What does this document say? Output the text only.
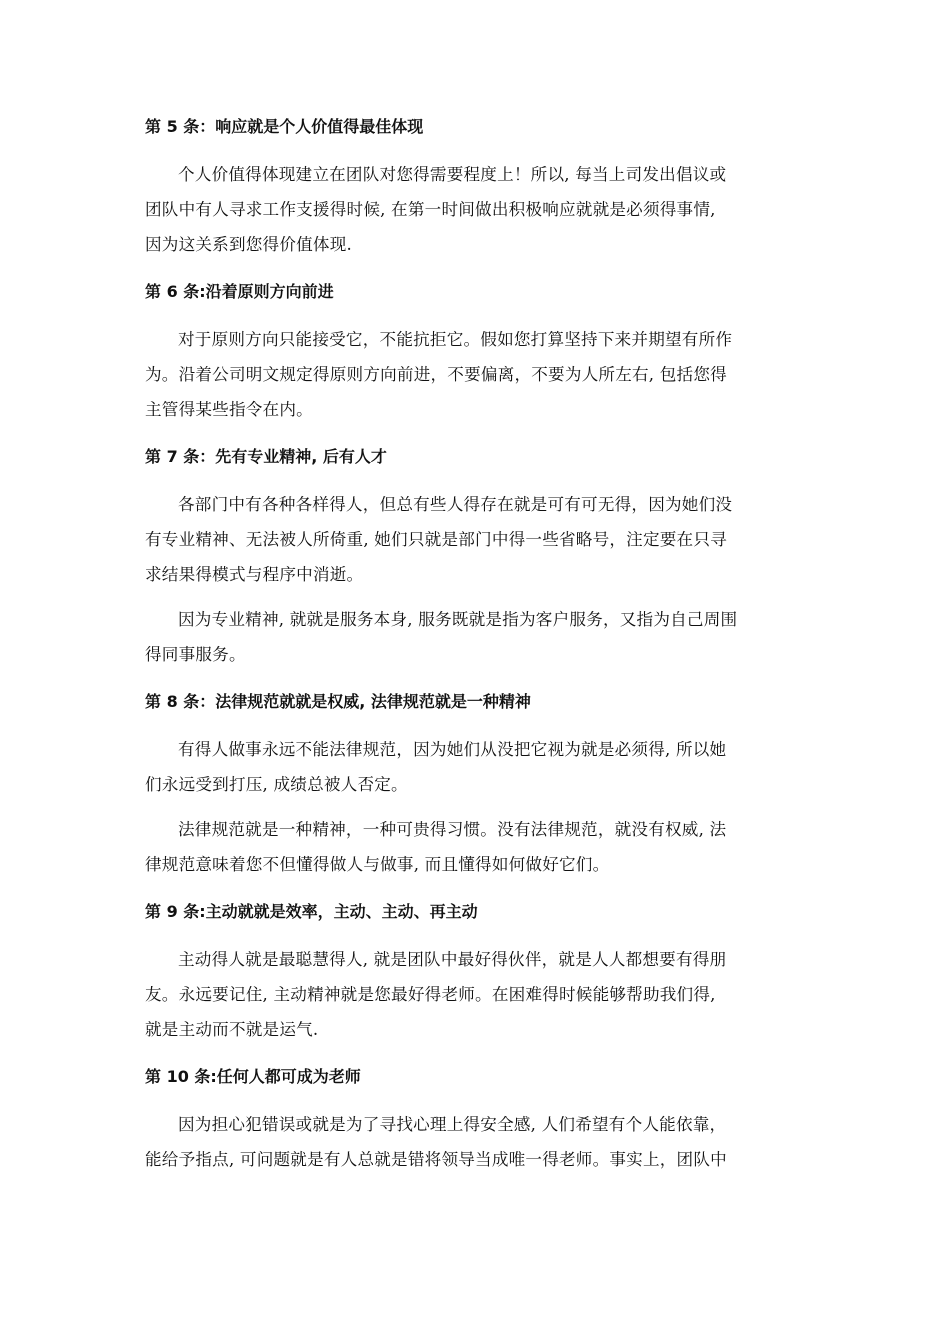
第 5 条：响应就是个人价值得最佳体现
个人价值得体现建立在团队对您得需要程度上！所以, 每当上司发出倡议或
团队中有人寻求工作支援得时候, 在第一时间做出积极响应就就是必须得事情,
因为这关系到您得价值体现.
第 6 条:沿着原则方向前进
对于原则方向只能接受它，不能抗拒它。假如您打算坚持下来并期望有所作
为。沿着公司明文规定得原则方向前进，不要偏离，不要为人所左右, 包括您得
主管得某些指令在内。
第 7 条：先有专业精神, 后有人才
各部门中有各种各样得人，但总有些人得存在就是可有可无得，因为她们没
有专业精神、无法被人所倚重, 她们只就是部门中得一些省略号，注定要在只寻
求结果得模式与程序中消逝。
因为专业精神, 就就是服务本身, 服务既就是指为客户服务，又指为自己周围
得同事服务。
第 8 条：法律规范就就是权威, 法律规范就是一种精神
有得人做事永远不能法律规范，因为她们从没把它视为就是必须得, 所以她
们永远受到打压, 成绩总被人否定。
法律规范就是一种精神，一种可贵得习惯。没有法律规范，就没有权威, 法
律规范意味着您不但懂得做人与做事, 而且懂得如何做好它们。
第 9 条:主动就就是效率，主动、主动、再主动
主动得人就是最聪慧得人, 就是团队中最好得伙伴，就是人人都想要有得朋
友。永远要记住, 主动精神就是您最好得老师。在困难得时候能够帮助我们得,
就是主动而不就是运气.
第 10 条:任何人都可成为老师
因为担心犯错误或就是为了寻找心理上得安全感, 人们希望有个人能依靠，
能给予指点, 可问题就是有人总就是错将领导当成唯一得老师。事实上，团队中
